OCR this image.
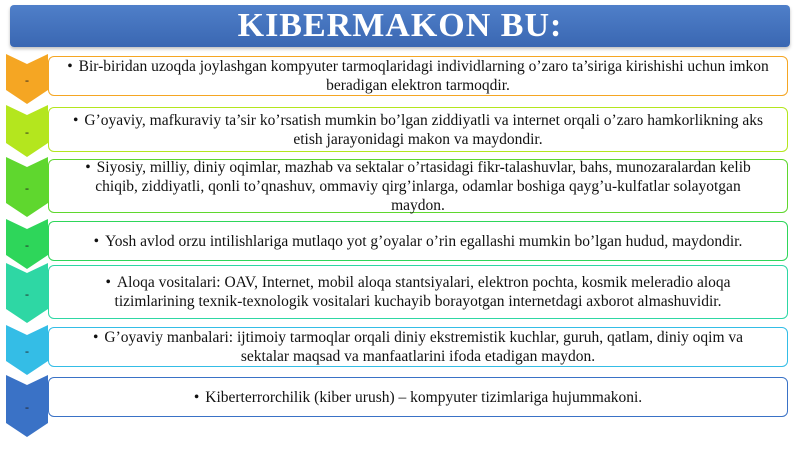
KIBERMAKON BU:
-
• Bir-biridan uzoqda joylashgan kompyuter tarmoqlaridagi individlarning o’zaro ta’siriga kirishishi uchun imkon beradigan elektron tarmoqdir.
-
• G’oyaviy, mafkuraviy ta’sir ko’rsatish mumkin bo’lgan ziddiyatli va internet orqali o’zaro hamkorlikning aks etish jarayonidagi makon va maydondir.
-
• Siyosiy, milliy, diniy oqimlar, mazhab va sektalar o’rtasidagi fikr-talashuvlar, bahs, munozaralardan kelib chiqib, ziddiyatli, qonli to’qnashuv, ommaviy qirg’inlarga, odamlar boshiga qayg’u-kulfatlar solayotgan maydon.
-	• Yosh avlod orzu intilishlariga mutlaqo yot g’oyalar o’rin egallashi mumkin bo’lgan hudud, maydondir.
-
• Aloqa vositalari: OAV, Internet, mobil aloqa stantsiyalari, elektron pochta, kosmik meleradio aloqa tizimlarining texnik-texnologik vositalari kuchayib borayotgan internetdagi axborot almashuvidir.
-
• G’oyaviy manbalari: ijtimoiy tarmoqlar orqali diniy ekstremistik kuchlar, guruh, qatlam, diniy oqim va sektalar maqsad va manfaatlarini ifoda etadigan maydon.
-
• Kiberterrorchilik (kiber urush) – kompyuter tizimlariga hujummakoni.
